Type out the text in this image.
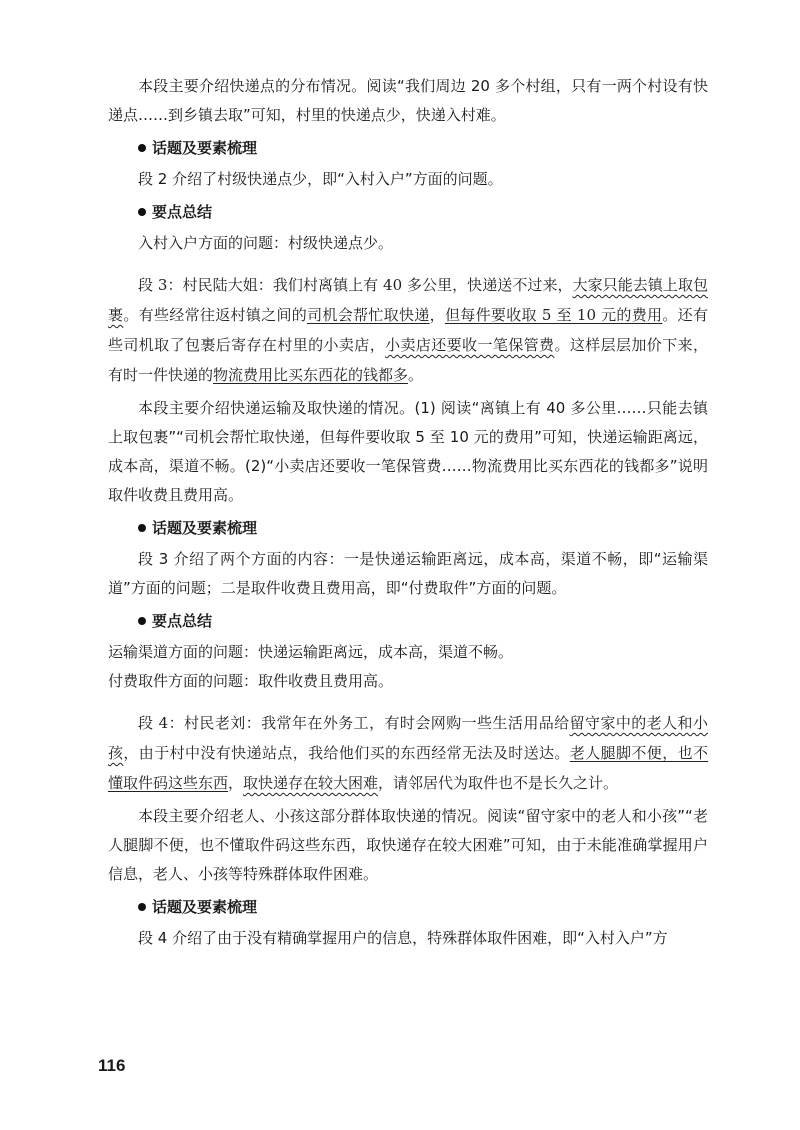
本段主要介绍快递点的分布情况。阅读“我们周边 20 多个村组，只有一两个村设有快递点……到乡镇去取”可知，村里的快递点少，快递入村难。

话题及要素梳理

段 2 介绍了村级快递点少，即“入村入户”方面的问题。

要点总结

入村入户方面的问题：村级快递点少。

段 3：村民陆大姐：我们村离镇上有 40 多公里，快递送不过来，大家只能去镇上取包裹。有些经常往返村镇之间的司机会帮忙取快递，但每件要收取 5 至 10 元的费用。还有些司机取了包裹后寄存在村里的小卖店，小卖店还要收一笔保管费。这样层层加价下来，有时一件快递的物流费用比买东西花的钱都多。

本段主要介绍快递运输及取快递的情况。(1) 阅读“离镇上有 40 多公里……只能去镇上取包裹”“司机会帮忙取快递，但每件要收取 5 至 10 元的费用”可知，快递运输距离远，成本高，渠道不畅。(2)“小卖店还要收一笔保管费……物流费用比买东西花的钱都多”说明取件收费且费用高。

话题及要素梳理

段 3 介绍了两个方面的内容：一是快递运输距离远，成本高，渠道不畅，即“运输渠道”方面的问题；二是取件收费且费用高，即“付费取件”方面的问题。

要点总结

运输渠道方面的问题：快递运输距离远，成本高，渠道不畅。

付费取件方面的问题：取件收费且费用高。

段 4：村民老刘：我常年在外务工，有时会网购一些生活用品给留守家中的老人和小孩，由于村中没有快递站点，我给他们买的东西经常无法及时送达。老人腿脚不便，也不懂取件码这些东西，取快递存在较大困难，请邻居代为取件也不是长久之计。

本段主要介绍老人、小孩这部分群体取快递的情况。阅读“留守家中的老人和小孩”“老人腿脚不便，也不懂取件码这些东西，取快递存在较大困难”可知，由于未能准确掌握用户信息，老人、小孩等特殊群体取件困难。

话题及要素梳理

段 4 介绍了由于没有精确掌握用户的信息，特殊群体取件困难，即“入村入户”方

116
